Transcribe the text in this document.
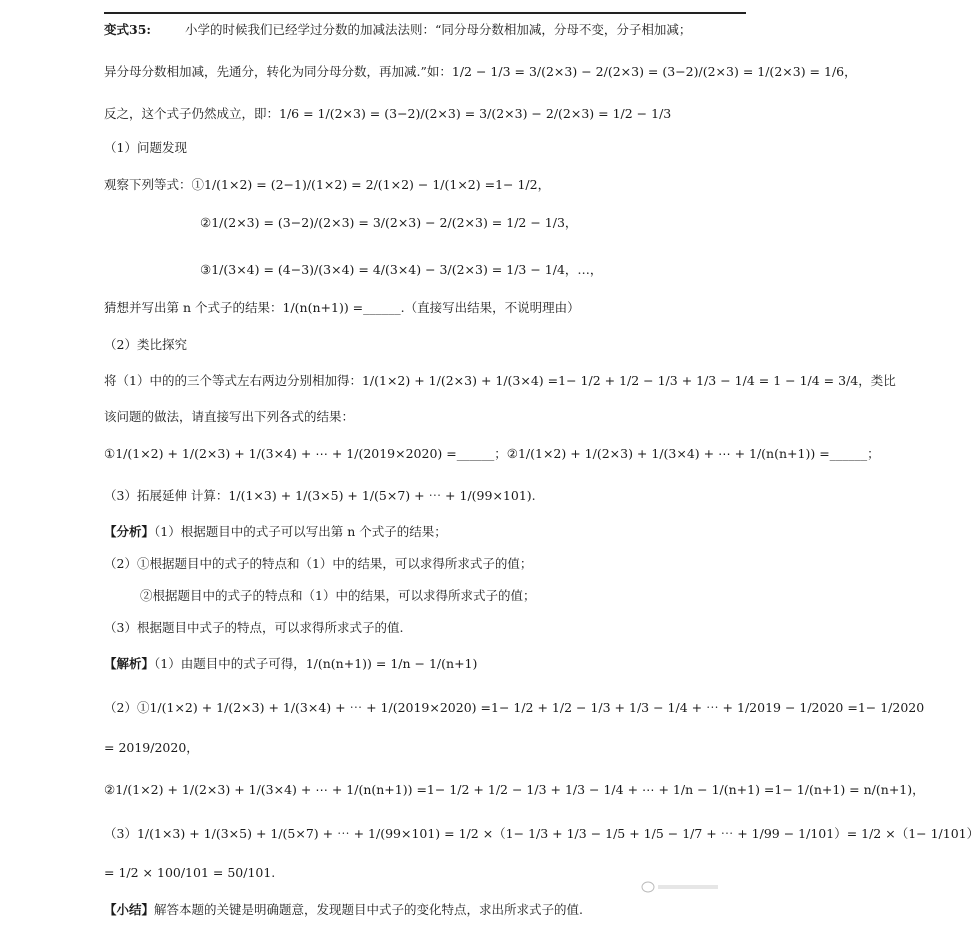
变式35:	小学的时候我们已经学过分数的加减法法则：“同分母分数相加减，分母不变，分子相加减；
异分母分数相加减，先通分，转化为同分母分数，再加减.”如：1/2 − 1/3 = 3/(2×3) − 2/(2×3) = (3−2)/(2×3) = 1/(2×3) = 1/6，
反之，这个式子仍然成立，即：1/6 = 1/(2×3) = (3−2)/(2×3) = 3/(2×3) − 2/(2×3) = 1/2 − 1/3
（1）问题发现
观察下列等式：①1/(1×2) = (2−1)/(1×2) = 2/(1×2) − 1/(1×2) =1− 1/2，
②1/(2×3) = (3−2)/(2×3) = 3/(2×3) − 2/(2×3) = 1/2 − 1/3，
③1/(3×4) = (4−3)/(3×4) = 4/(3×4) − 3/(2×3) = 1/3 − 1/4，…，
猜想并写出第 n 个式子的结果：1/(n(n+1)) =______.（直接写出结果，不说明理由）
（2）类比探究
将（1）中的的三个等式左右两边分别相加得：1/(1×2) + 1/(2×3) + 1/(3×4) =1− 1/2 + 1/2 − 1/3 + 1/3 − 1/4 = 1 − 1/4 = 3/4，类比
该问题的做法，请直接写出下列各式的结果：
①1/(1×2) + 1/(2×3) + 1/(3×4) + ⋯ + 1/(2019×2020) =______；②1/(1×2) + 1/(2×3) + 1/(3×4) + ⋯ + 1/(n(n+1)) =______；
（3）拓展延伸 计算：1/(1×3) + 1/(3×5) + 1/(5×7) + ⋯ + 1/(99×101).
【分析】（1）根据题目中的式子可以写出第 n 个式子的结果；
（2）①根据题目中的式子的特点和（1）中的结果，可以求得所求式子的值；
②根据题目中的式子的特点和（1）中的结果，可以求得所求式子的值；
（3）根据题目中式子的特点，可以求得所求式子的值.
【解析】（1）由题目中的式子可得，1/(n(n+1)) = 1/n − 1/(n+1)
（2）①1/(1×2) + 1/(2×3) + 1/(3×4) + ⋯ + 1/(2019×2020) =1− 1/2 + 1/2 − 1/3 + 1/3 − 1/4 + ⋯ + 1/2019 − 1/2020 =1− 1/2020
= 2019/2020，
②1/(1×2) + 1/(2×3) + 1/(3×4) + ⋯ + 1/(n(n+1)) =1− 1/2 + 1/2 − 1/3 + 1/3 − 1/4 + ⋯ + 1/n − 1/(n+1) =1− 1/(n+1) = n/(n+1)，
（3）1/(1×3) + 1/(3×5) + 1/(5×7) + ⋯ + 1/(99×101) = 1/2 ×（1− 1/3 + 1/3 − 1/5 + 1/5 − 1/7 + ⋯ + 1/99 − 1/101）= 1/2 ×（1− 1/101）
= 1/2 × 100/101 = 50/101.
【小结】解答本题的关键是明确题意，发现题目中式子的变化特点，求出所求式子的值.
